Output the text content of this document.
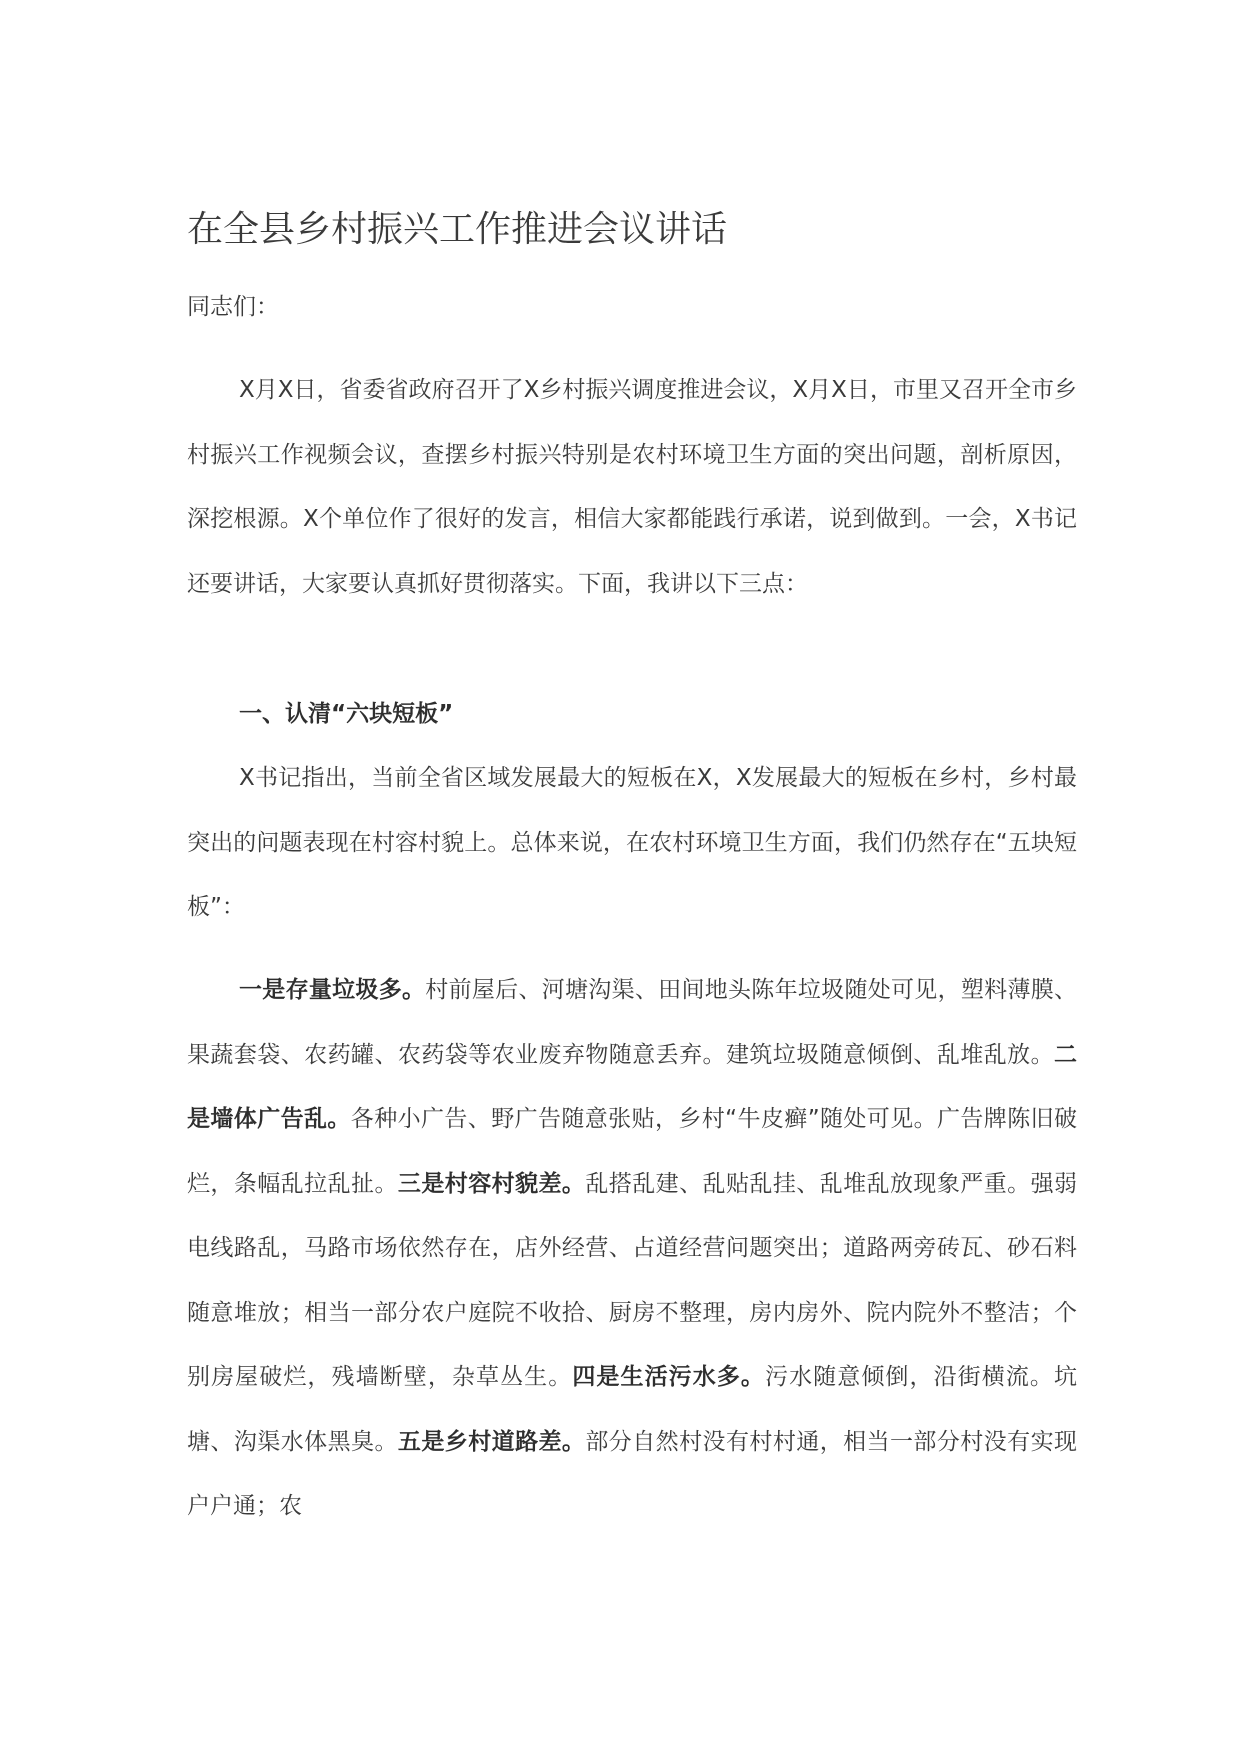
在全县乡村振兴工作推进会议讲话

同志们：

X月X日，省委省政府召开了X乡村振兴调度推进会议，X月X日，市里又召开全市乡村振兴工作视频会议，查摆乡村振兴特别是农村环境卫生方面的突出问题，剖析原因，深挖根源。X个单位作了很好的发言，相信大家都能践行承诺，说到做到。一会，X书记还要讲话，大家要认真抓好贯彻落实。下面，我讲以下三点：

一、认清“六块短板”

X书记指出，当前全省区域发展最大的短板在X，X发展最大的短板在乡村，乡村最突出的问题表现在村容村貌上。总体来说，在农村环境卫生方面，我们仍然存在“五块短板”：

一是存量垃圾多。村前屋后、河塘沟渠、田间地头陈年垃圾随处可见，塑料薄膜、果蔬套袋、农药罐、农药袋等农业废弃物随意丢弃。建筑垃圾随意倾倒、乱堆乱放。二是墙体广告乱。各种小广告、野广告随意张贴，乡村“牛皮癣”随处可见。广告牌陈旧破烂，条幅乱拉乱扯。三是村容村貌差。乱搭乱建、乱贴乱挂、乱堆乱放现象严重。强弱电线路乱，马路市场依然存在，店外经营、占道经营问题突出；道路两旁砖瓦、砂石料随意堆放；相当一部分农户庭院不收拾、厨房不整理，房内房外、院内院外不整洁；个别房屋破烂，残墙断壁，杂草丛生。四是生活污水多。污水随意倾倒，沿街横流。坑塘、沟渠水体黑臭。五是乡村道路差。部分自然村没有村村通，相当一部分村没有实现户户通；农
